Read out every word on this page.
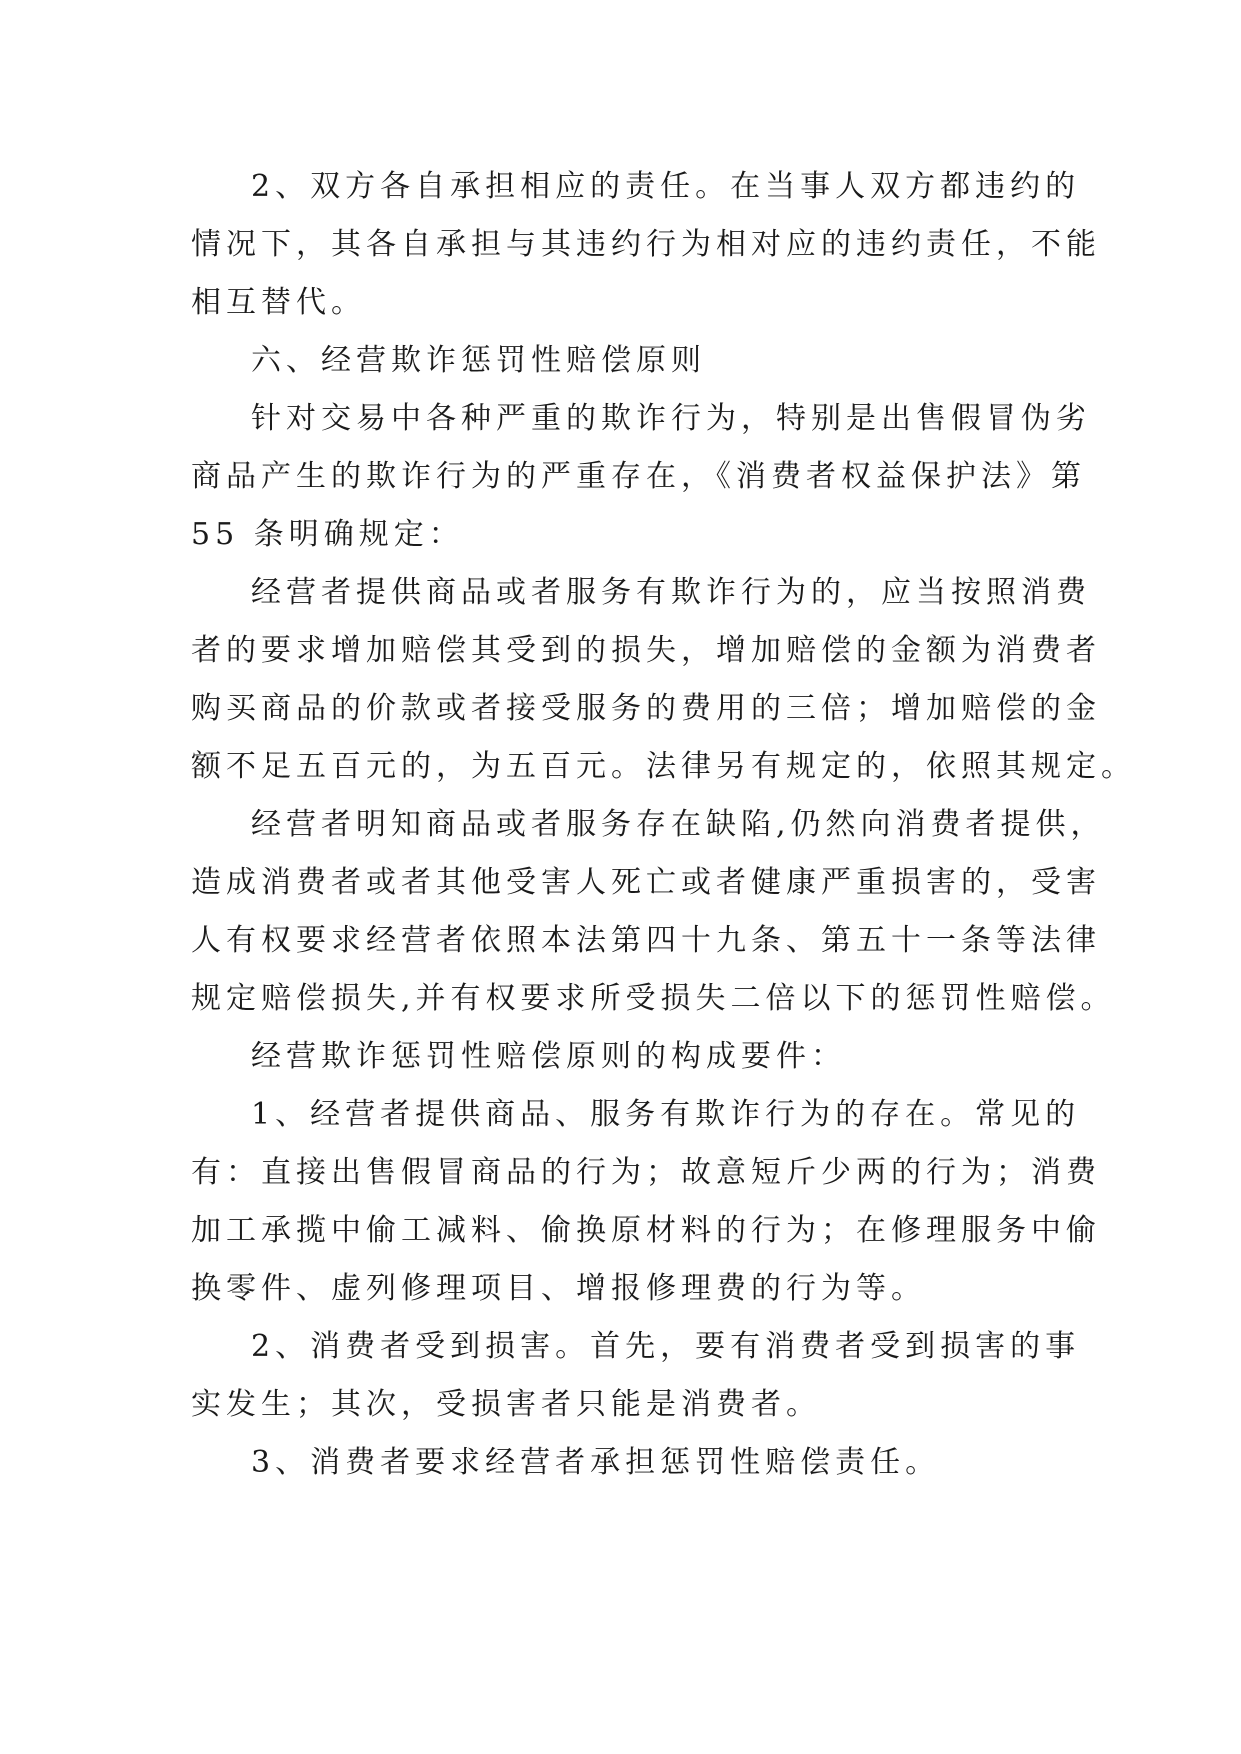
2、双方各自承担相应的责任。在当事人双方都违约的
情况下，其各自承担与其违约行为相对应的违约责任，不能
相互替代。

六、经营欺诈惩罚性赔偿原则

针对交易中各种严重的欺诈行为，特别是出售假冒伪劣
商品产生的欺诈行为的严重存在，《消费者权益保护法》第
55 条明确规定：

经营者提供商品或者服务有欺诈行为的，应当按照消费
者的要求增加赔偿其受到的损失，增加赔偿的金额为消费者
购买商品的价款或者接受服务的费用的三倍；增加赔偿的金
额不足五百元的，为五百元。法律另有规定的，依照其规定。

经营者明知商品或者服务存在缺陷,仍然向消费者提供，
造成消费者或者其他受害人死亡或者健康严重损害的，受害
人有权要求经营者依照本法第四十九条、第五十一条等法律
规定赔偿损失,并有权要求所受损失二倍以下的惩罚性赔偿。

经营欺诈惩罚性赔偿原则的构成要件：

1、经营者提供商品、服务有欺诈行为的存在。常见的
有：直接出售假冒商品的行为；故意短斤少两的行为；消费
加工承揽中偷工减料、偷换原材料的行为；在修理服务中偷
换零件、虚列修理项目、增报修理费的行为等。

2、消费者受到损害。首先，要有消费者受到损害的事
实发生；其次，受损害者只能是消费者。

3、消费者要求经营者承担惩罚性赔偿责任。
